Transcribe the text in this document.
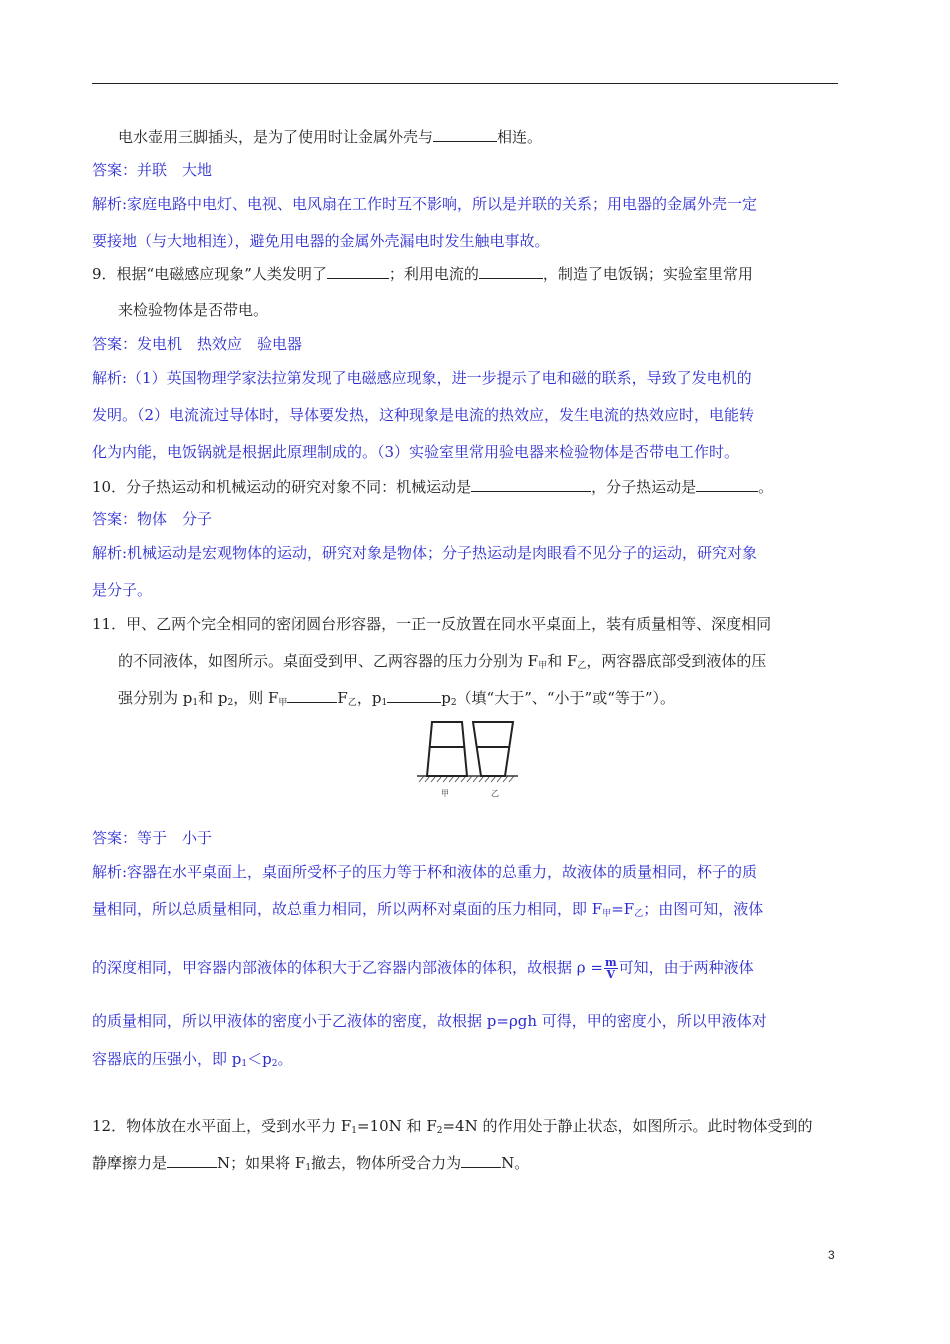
电水壶用三脚插头，是为了使用时让金属外壳与	相连。
答案：并联　大地
解析:家庭电路中电灯、电视、电风扇在工作时互不影响，所以是并联的关系；用电器的金属外壳一定
要接地（与大地相连），避免用电器的金属外壳漏电时发生触电事故。
9．根据“电磁感应现象”人类发明了	；利用电流的	，制造了电饭锅；实验室里常用
来检验物体是否带电。
答案：发电机　热效应　验电器
解析:（1）英国物理学家法拉第发现了电磁感应现象，进一步提示了电和磁的联系，导致了发电机的
发明。（2）电流流过导体时，导体要发热，这种现象是电流的热效应，发生电流的热效应时，电能转
化为内能，电饭锅就是根据此原理制成的。（3）实验室里常用验电器来检验物体是否带电工作时。
10．分子热运动和机械运动的研究对象不同：机械运动是	，分子热运动是	。
答案：物体　分子
解析:机械运动是宏观物体的运动，研究对象是物体；分子热运动是肉眼看不见分子的运动，研究对象
是分子。
11．甲、乙两个完全相同的密闭圆台形容器，一正一反放置在同水平桌面上，装有质量相等、深度相同
的不同液体，如图所示。桌面受到甲、乙两容器的压力分别为 $F_甲$和 $F_乙$，两容器底部受到液体的压
强分别为 $p_1$和 $p_2$，则 $F_甲$	$F_乙$，$p_1$	$p_2$（填“大于”、“小于”或“等于”）。
甲	乙
答案：等于　小于
解析:容器在水平桌面上，桌面所受杯子的压力等于杯和液体的总重力，故液体的质量相同，杯子的质
量相同，所以总质量相同，故总重力相同，所以两杯对桌面的压力相同，即 $F_甲=F_乙$；由图可知，液体
的深度相同，甲容器内部液体的体积大于乙容器内部液体的体积，故根据 $\rho = \frac{m}{V}$ 可知，由于两种液体
的质量相同，所以甲液体的密度小于乙液体的密度，故根据 p=ρgh 可得，甲的密度小，所以甲液体对
容器底的压强小，即 $p_1<p_2$。
12．物体放在水平面上，受到水平力 $F_1=10N$ 和 $F_2=4N$ 的作用处于静止状态，如图所示。此时物体受到的
静摩擦力是	N；如果将 $F_1$撤去，物体所受合力为	N。
3
